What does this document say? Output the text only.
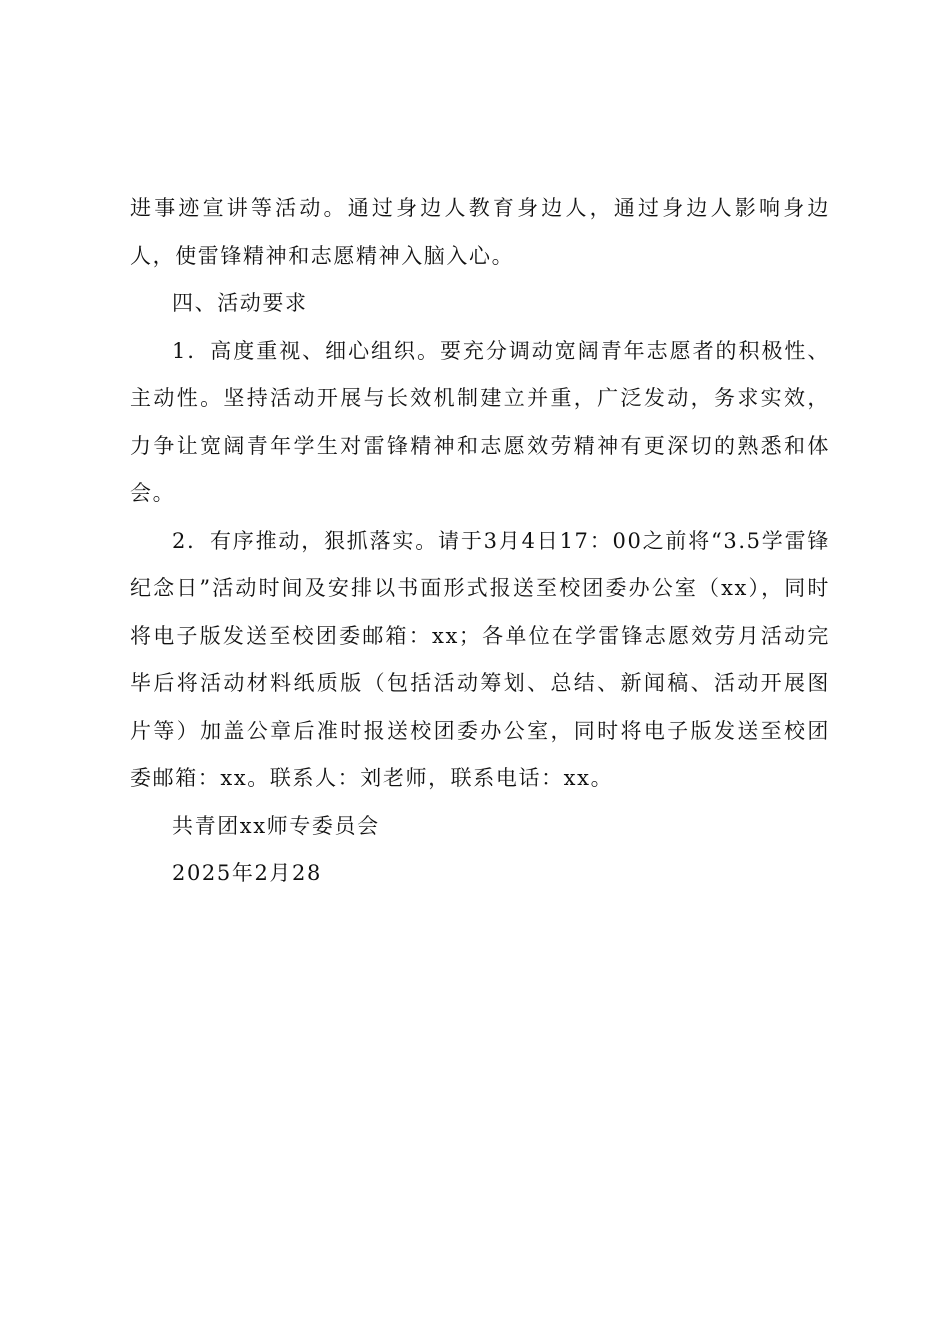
进事迹宣讲等活动。通过身边人教育身边人，通过身边人影响身边人，使雷锋精神和志愿精神入脑入心。

四、活动要求

1．高度重视、细心组织。要充分调动宽阔青年志愿者的积极性、主动性。坚持活动开展与长效机制建立并重，广泛发动，务求实效，力争让宽阔青年学生对雷锋精神和志愿效劳精神有更深切的熟悉和体会。

2．有序推动，狠抓落实。请于3月4日17：00之前将“3.5学雷锋纪念日”活动时间及安排以书面形式报送至校团委办公室（xx），同时将电子版发送至校团委邮箱：xx；各单位在学雷锋志愿效劳月活动完毕后将活动材料纸质版（包括活动筹划、总结、新闻稿、活动开展图片等）加盖公章后准时报送校团委办公室，同时将电子版发送至校团委邮箱：xx。联系人：刘老师，联系电话：xx。

共青团xx师专委员会

2025年2月28
